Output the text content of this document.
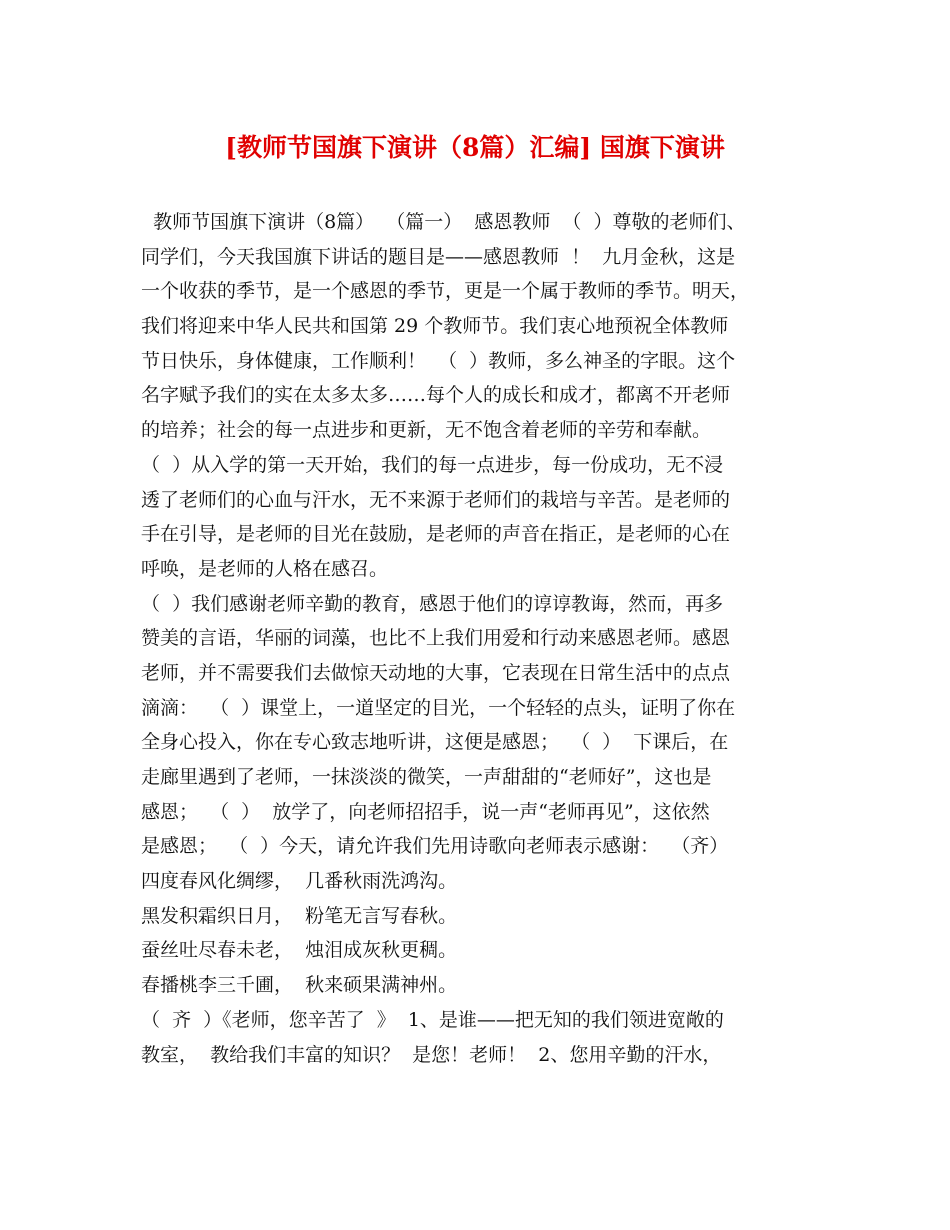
[教师节国旗下演讲（8篇）汇编] 国旗下演讲
教师节国旗下演讲（8篇）  （篇一）  感恩教师  （  ）尊敬的老师们、
同学们，今天我国旗下讲话的题目是——感恩教师  ！  九月金秋，这是
一个收获的季节，是一个感恩的季节，更是一个属于教师的季节。明天，
我们将迎来中华人民共和国第 29 个教师节。我们衷心地预祝全体教师
节日快乐，身体健康，工作顺利！  （  ）教师，多么神圣的字眼。这个
名字赋予我们的实在太多太多……每个人的成长和成才，都离不开老师
的培养；社会的每一点进步和更新，无不饱含着老师的辛劳和奉献。
（  ）从入学的第一天开始，我们的每一点进步，每一份成功，无不浸
透了老师们的心血与汗水，无不来源于老师们的栽培与辛苦。是老师的
手在引导，是老师的目光在鼓励，是老师的声音在指正，是老师的心在
呼唤，是老师的人格在感召。
（  ）我们感谢老师辛勤的教育，感恩于他们的谆谆教诲，然而，再多
赞美的言语，华丽的词藻，也比不上我们用爱和行动来感恩老师。感恩
老师，并不需要我们去做惊天动地的大事，它表现在日常生活中的点点
滴滴：  （  ）课堂上，一道坚定的目光，一个轻轻的点头，证明了你在
全身心投入，你在专心致志地听讲，这便是感恩；  （  ）  下课后，在
走廊里遇到了老师，一抹淡淡的微笑，一声甜甜的“老师好”，这也是
感恩；  （  ）  放学了，向老师招招手，说一声“老师再见”，这依然
是感恩；  （  ）今天，请允许我们先用诗歌向老师表示感谢：  （齐）
四度春风化绸缪，  几番秋雨洗鸿沟。
黑发积霜织日月，  粉笔无言写春秋。
蚕丝吐尽春未老，  烛泪成灰秋更稠。
春播桃李三千圃，  秋来硕果满神州。
（  齐  ）《老师，您辛苦了  》  1、是谁——把无知的我们领进宽敞的
教室，  教给我们丰富的知识？  是您！老师！  2、您用辛勤的汗水，
